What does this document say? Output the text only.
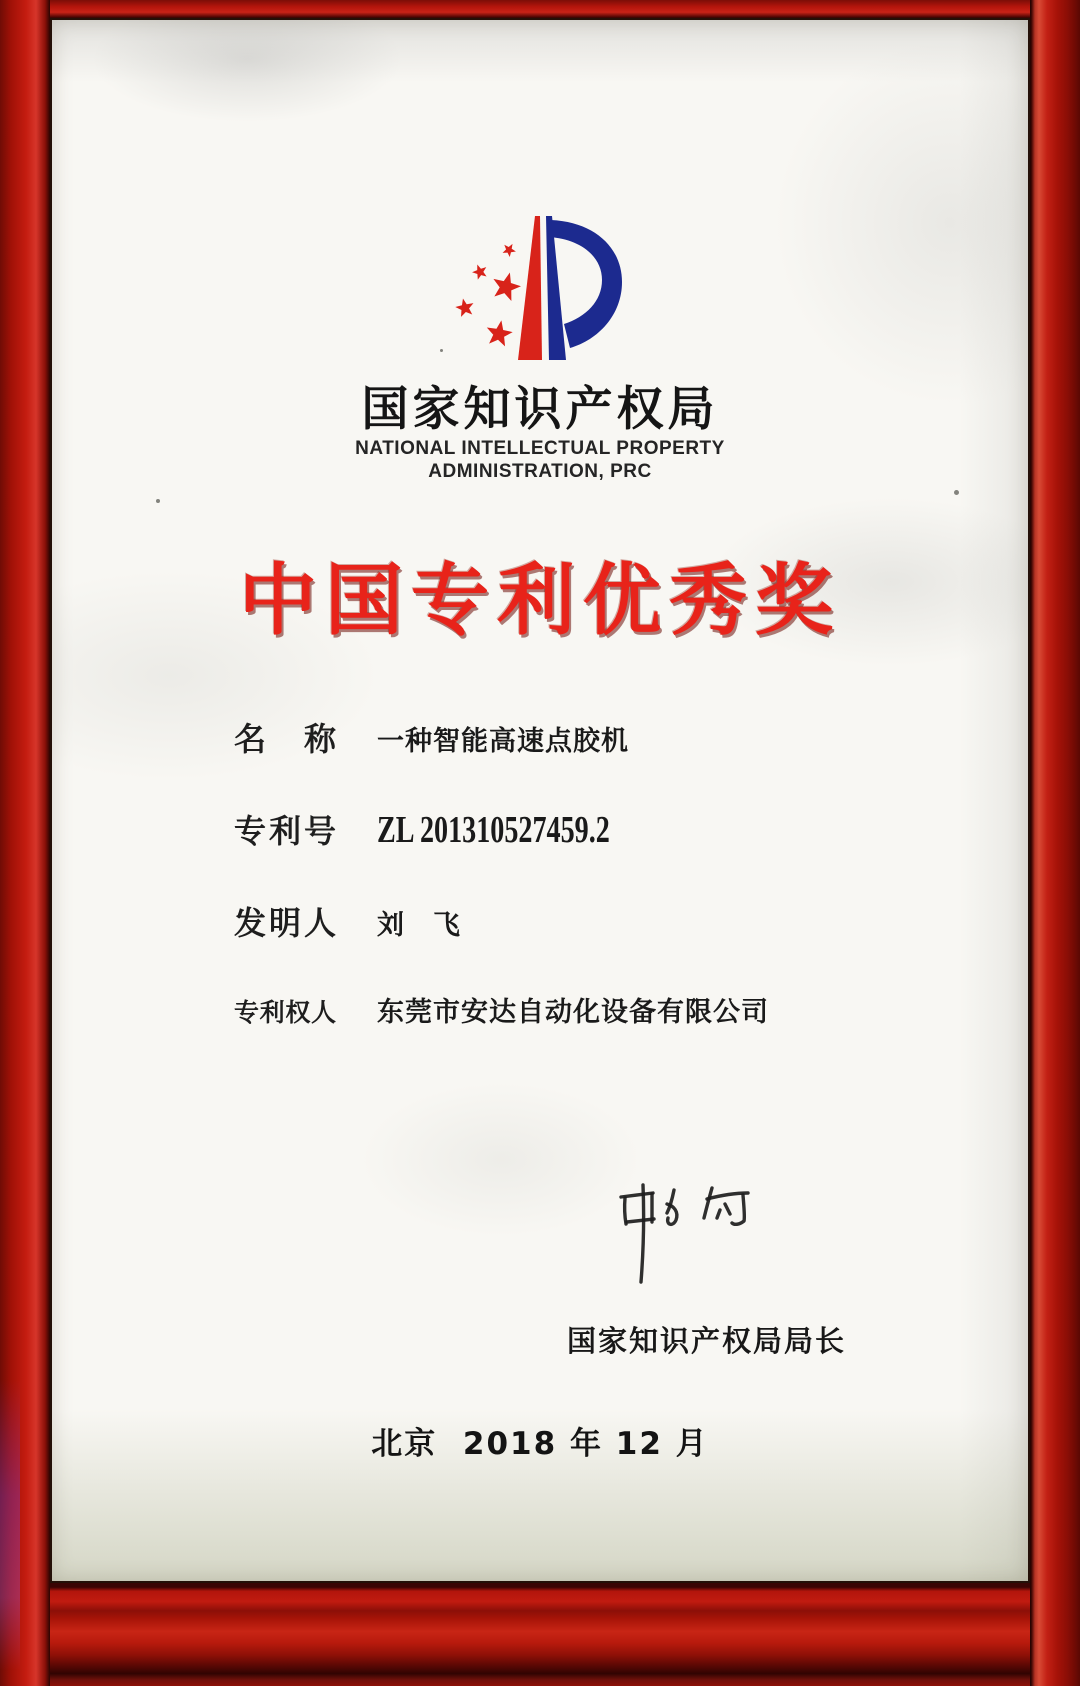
国家知识产权局
NATIONAL INTELLECTUAL PROPERTY
ADMINISTRATION, PRC
中国专利优秀奖
名 称 一种智能高速点胶机
专 利 号 ZL 201310527459.2
发 明 人 刘　飞
专 利 权 人 东莞市安达自动化设备有限公司
国家知识产权局局长
北京  2018 年 12 月
